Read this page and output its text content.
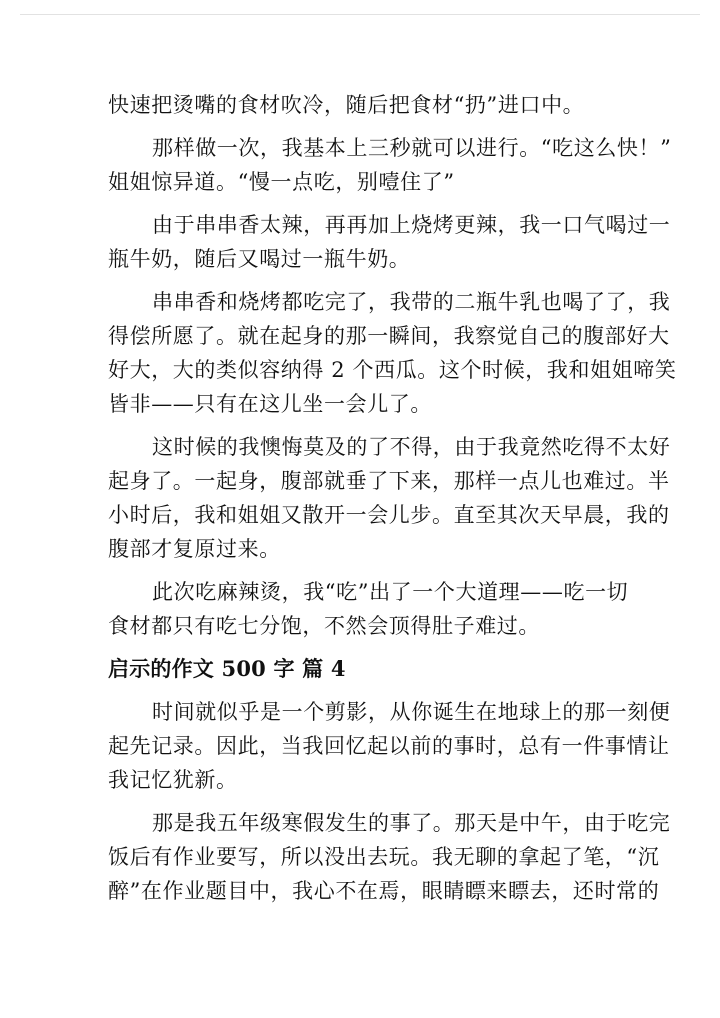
快速把烫嘴的食材吹冷，随后把食材“扔”进口中。

那样做一次，我基本上三秒就可以进行。“吃这么快！”
姐姐惊异道。“慢一点吃，别噎住了”

由于串串香太辣，再再加上烧烤更辣，我一口气喝过一
瓶牛奶，随后又喝过一瓶牛奶。

串串香和烧烤都吃完了，我带的二瓶牛乳也喝了了，我
得偿所愿了。就在起身的那一瞬间，我察觉自己的腹部好大
好大，大的类似容纳得 2 个西瓜。这个时候，我和姐姐啼笑
皆非——只有在这儿坐一会儿了。

这时候的我懊悔莫及的了不得，由于我竟然吃得不太好
起身了。一起身，腹部就垂了下来，那样一点儿也难过。半
小时后，我和姐姐又散开一会儿步。直至其次天早晨，我的
腹部才复原过来。

此次吃麻辣烫，我“吃”出了一个大道理——吃一切
食材都只有吃七分饱，不然会顶得肚子难过。

启示的作文 500 字 篇 4

时间就似乎是一个剪影，从你诞生在地球上的那一刻便
起先记录。因此，当我回忆起以前的事时，总有一件事情让
我记忆犹新。

那是我五年级寒假发生的事了。那天是中午，由于吃完
饭后有作业要写，所以没出去玩。我无聊的拿起了笔，“沉
醉”在作业题目中，我心不在焉，眼睛瞟来瞟去，还时常的
